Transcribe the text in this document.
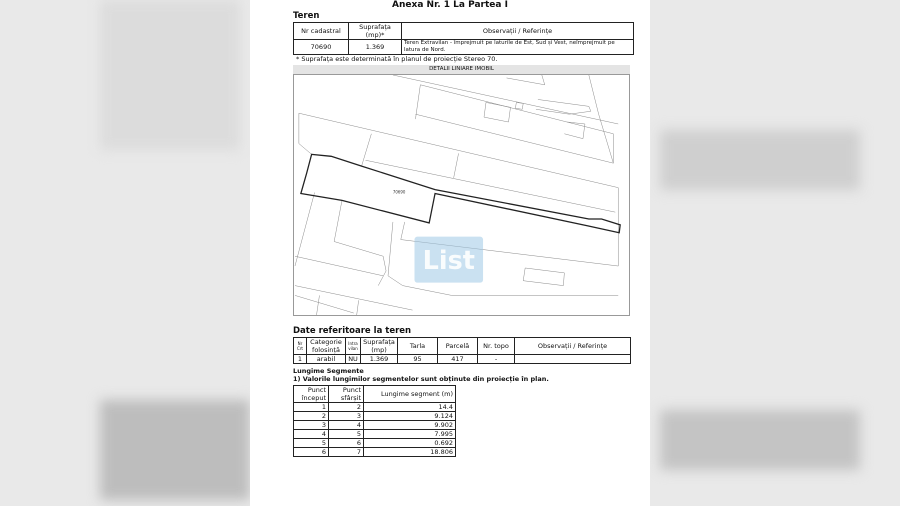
Anexa Nr. 1 La Partea I
Teren
Nr cadastral	Suprafața (mp)*	Observații / Referințe
70690	1.369	Teren Extravilan - împrejmuit pe laturile de Est, Sud și Vest, neîmprejmuit pe latura de Nord.
* Suprafața este determinată în planul de proiecție Stereo 70.
DETALII LINIARE IMOBIL
70690
List
Date referitoare la teren
Nr Crt	Categorie folosință	Intra vilan	Suprafața (mp)	Tarla	Parcelă	Nr. topo	Observații / Referințe
1	arabil	NU	1.369	95	417	-	
Lungime Segmente
1) Valorile lungimilor segmentelor sunt obținute din proiecție în plan.
Punct început	Punct sfârșit	Lungime segment (m)
1	2	14.4
2	3	9.124
3	4	9.902
4	5	7.995
5	6	0.692
6	7	18.806
